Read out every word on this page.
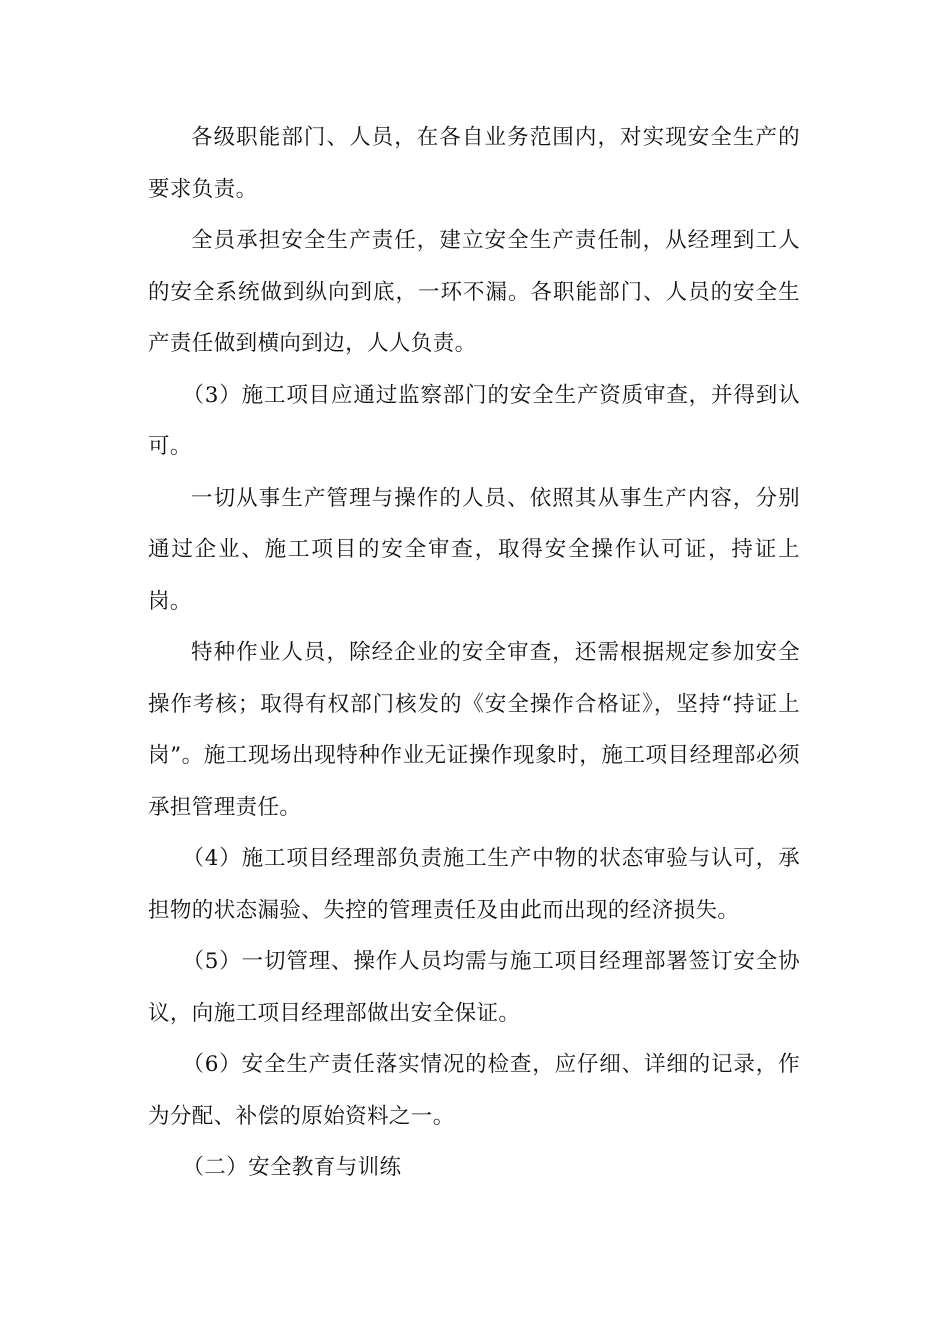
各级职能部门、人员，在各自业务范围内，对实现安全生产的要求负责。

全员承担安全生产责任，建立安全生产责任制，从经理到工人的安全系统做到纵向到底，一环不漏。各职能部门、人员的安全生产责任做到横向到边，人人负责。

（3）施工项目应通过监察部门的安全生产资质审查，并得到认可。

一切从事生产管理与操作的人员、依照其从事生产内容，分别通过企业、施工项目的安全审查，取得安全操作认可证，持证上岗。

特种作业人员，除经企业的安全审查，还需根据规定参加安全操作考核；取得有权部门核发的《安全操作合格证》，坚持“持证上岗”。施工现场出现特种作业无证操作现象时，施工项目经理部必须承担管理责任。

（4）施工项目经理部负责施工生产中物的状态审验与认可，承担物的状态漏验、失控的管理责任及由此而出现的经济损失。

（5）一切管理、操作人员均需与施工项目经理部署签订安全协议，向施工项目经理部做出安全保证。

（6）安全生产责任落实情况的检查，应仔细、详细的记录，作为分配、补偿的原始资料之一。

（二）安全教育与训练
